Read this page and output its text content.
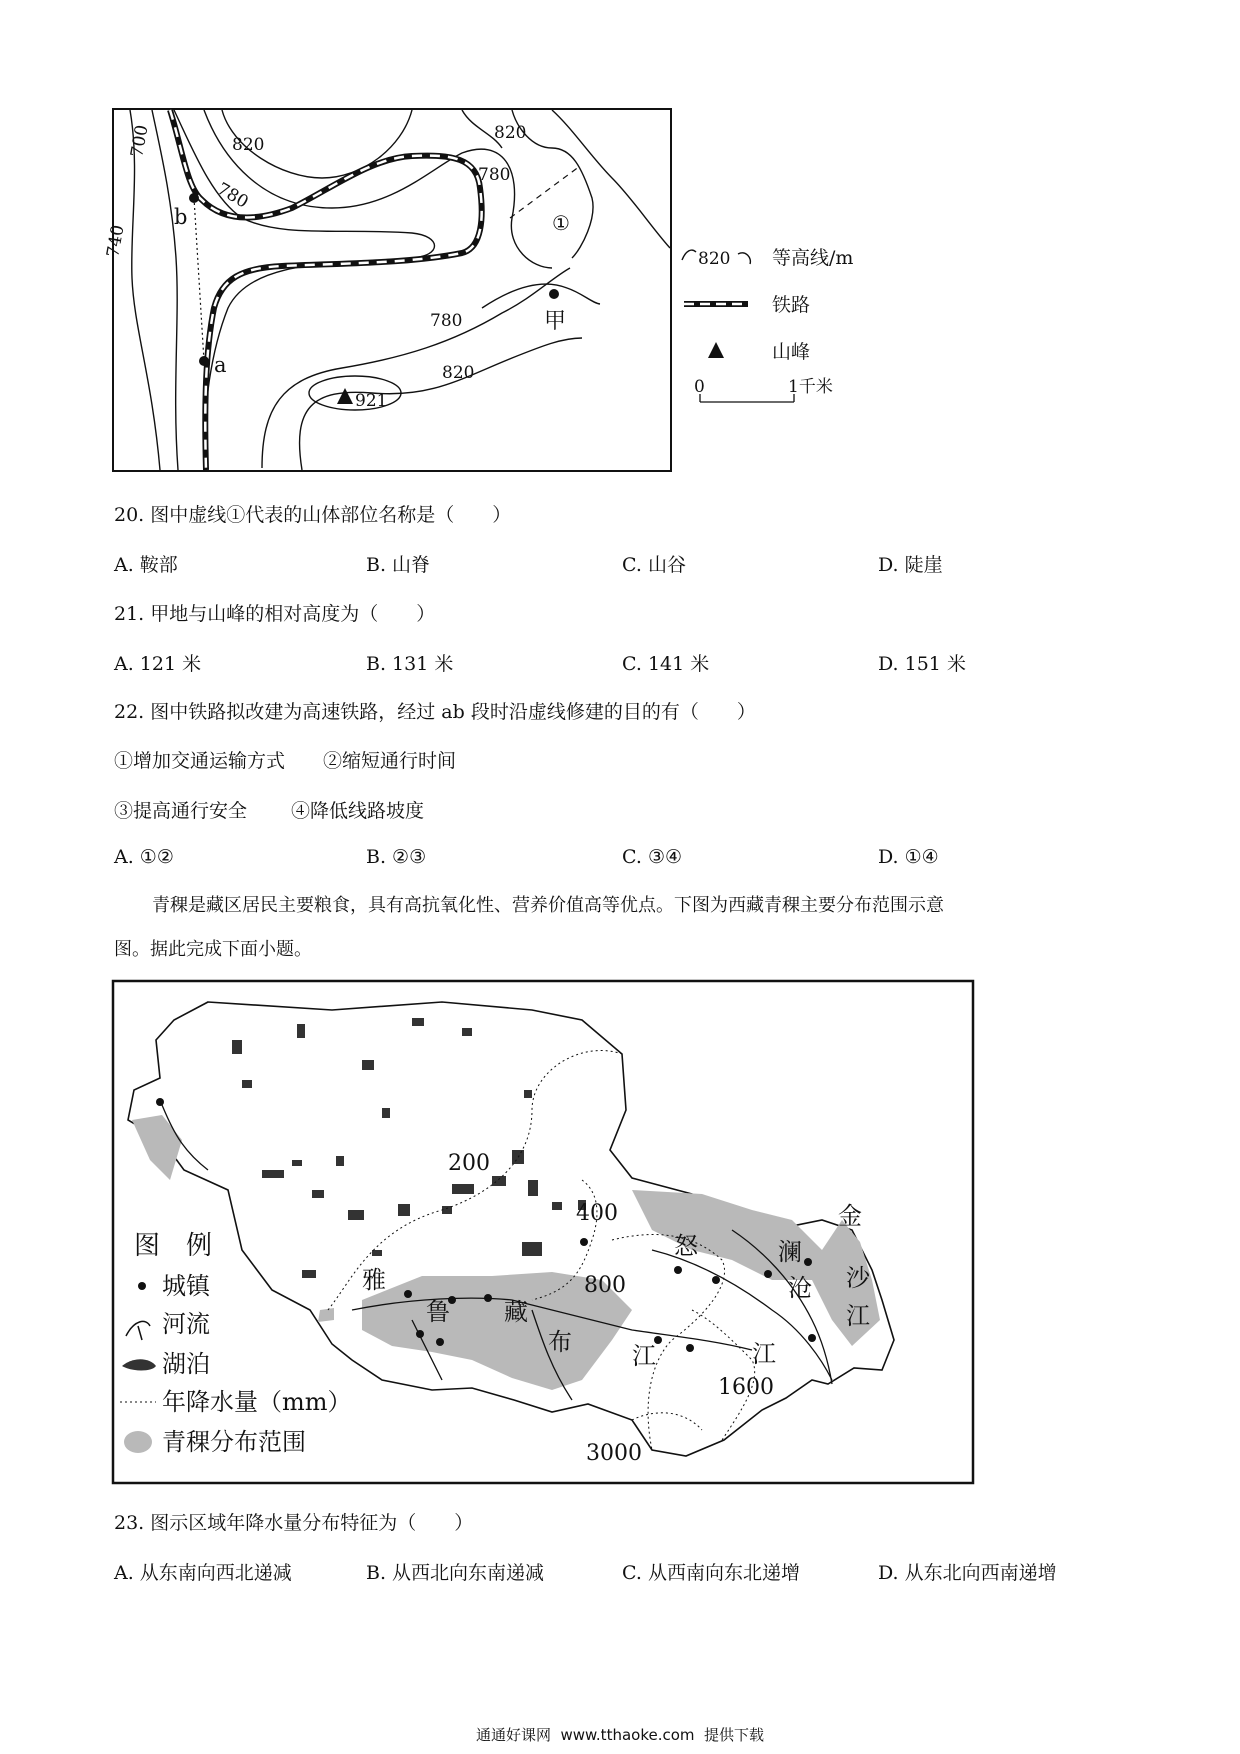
700
740
820
780
820
780
780
820
b
a
甲
921
①
820 等高线/m
铁路
山峰
0	1千米
20. 图中虚线①代表的山体部位名称是（　　）
A. 鞍部	B. 山脊	C. 山谷	D. 陡崖
21. 甲地与山峰的相对高度为（　　）
A. 121 米	B. 131 米	C. 141 米	D. 151 米
22. 图中铁路拟改建为高速铁路，经过 ab 段时沿虚线修建的目的有（　　）
①增加交通运输方式　　②缩短通行时间
③提高通行安全　　 ④降低线路坡度
A. ①②	B. ②③	C. ③④	D. ①④
青稞是藏区居民主要粮食，具有高抗氧化性、营养价值高等优点。下图为西藏青稞主要分布范围示意
图。据此完成下面小题。
200
400
800
1600
3000
雅
鲁 藏
布	江
怒	澜
沧
江
金
沙
江
图　例
城镇
河流
湖泊
年降水量（mm）
青稞分布范围
23. 图示区域年降水量分布特征为（　　）
A. 从东南向西北递减	B. 从西北向东南递减	C. 从西南向东北递增	D. 从东北向西南递增
通通好课网  www.tthaoke.com  提供下载
